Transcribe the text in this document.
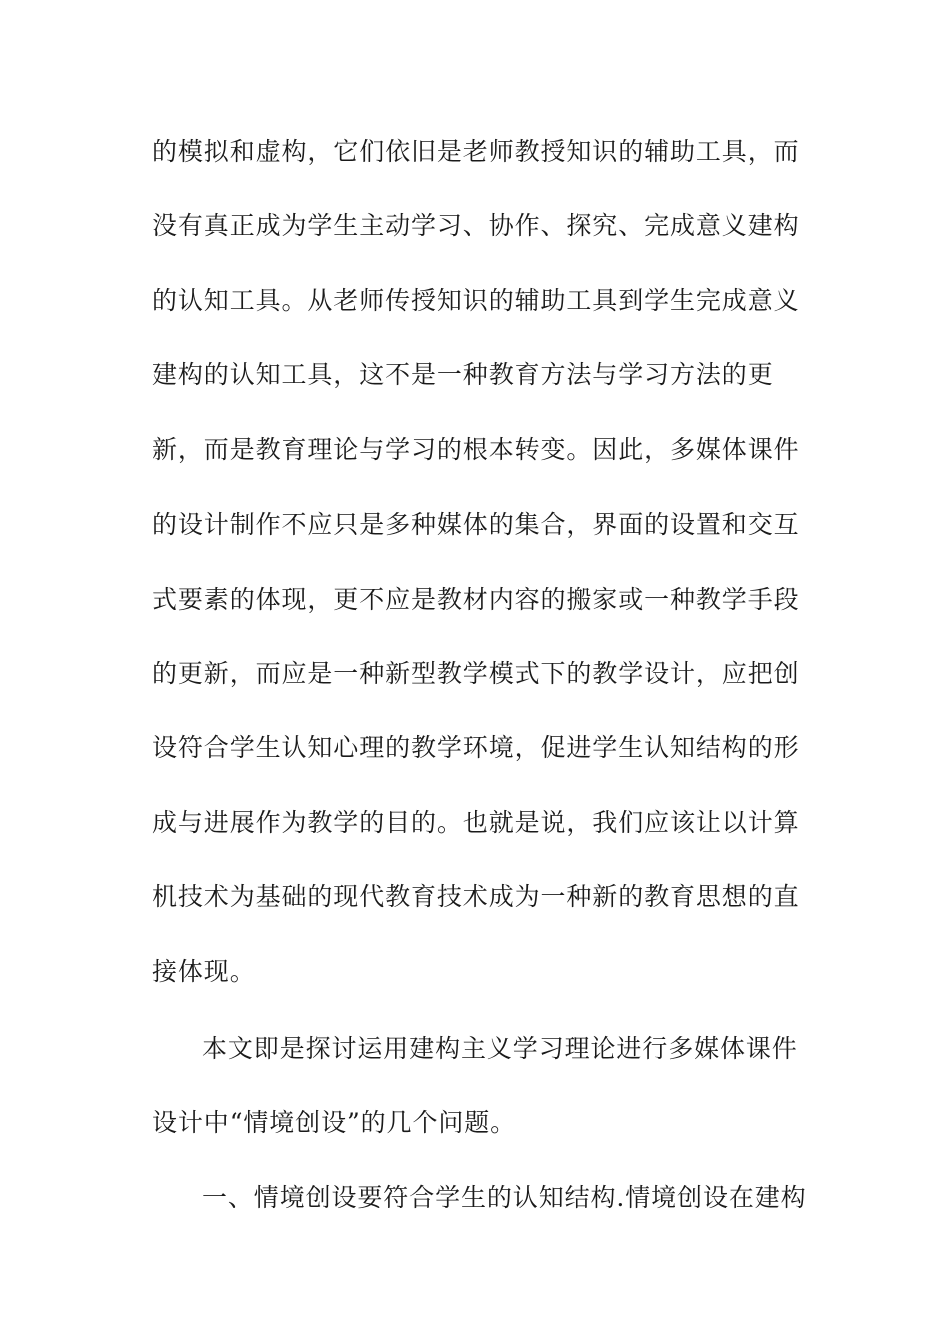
的模拟和虚构，它们依旧是老师教授知识的辅助工具，而
没有真正成为学生主动学习、协作、探究、完成意义建构
的认知工具。从老师传授知识的辅助工具到学生完成意义
建构的认知工具，这不是一种教育方法与学习方法的更
新，而是教育理论与学习的根本转变。因此，多媒体课件
的设计制作不应只是多种媒体的集合，界面的设置和交互
式要素的体现，更不应是教材内容的搬家或一种教学手段
的更新，而应是一种新型教学模式下的教学设计，应把创
设符合学生认知心理的教学环境，促进学生认知结构的形
成与进展作为教学的目的。也就是说，我们应该让以计算
机技术为基础的现代教育技术成为一种新的教育思想的直
接体现。
本文即是探讨运用建构主义学习理论进行多媒体课件
设计中“情境创设”的几个问题。
一、情境创设要符合学生的认知结构.情境创设在建构
